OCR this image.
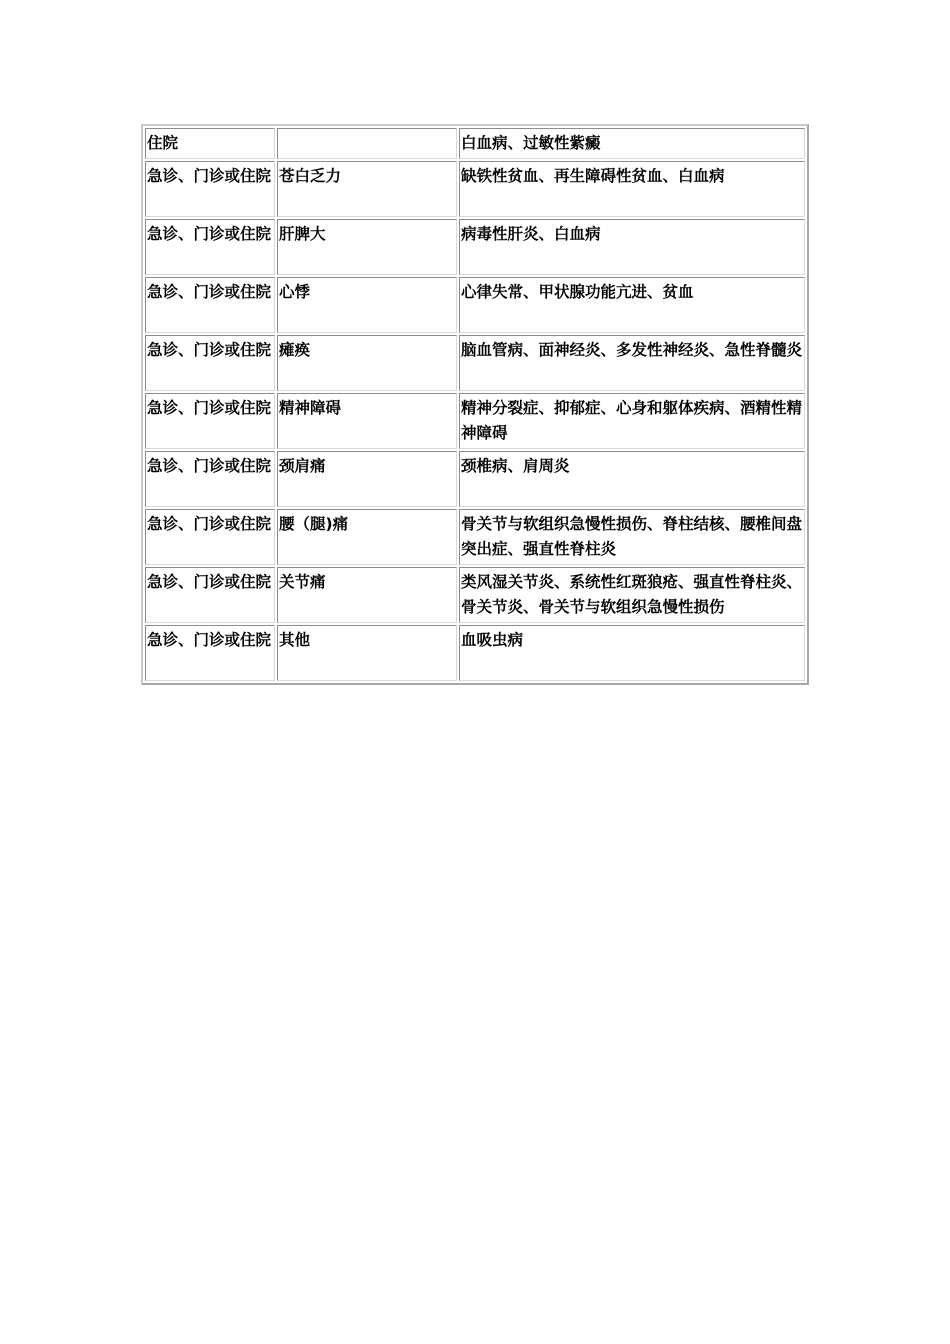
住院		白血病、过敏性紫癜
急诊、门诊或住院	苍白乏力	缺铁性贫血、再生障碍性贫血、白血病
急诊、门诊或住院	肝脾大	病毒性肝炎、白血病
急诊、门诊或住院	心悸	心律失常、甲状腺功能亢进、贫血
急诊、门诊或住院	瘫痪	脑血管病、面神经炎、多发性神经炎、急性脊髓炎
急诊、门诊或住院	精神障碍	精神分裂症、抑郁症、心身和躯体疾病、酒精性精神障碍
急诊、门诊或住院	颈肩痛	颈椎病、肩周炎
急诊、门诊或住院	腰（腿)痛	骨关节与软组织急慢性损伤、脊柱结核、腰椎间盘突出症、强直性脊柱炎
急诊、门诊或住院	关节痛	类风湿关节炎、系统性红斑狼疮、强直性脊柱炎、骨关节炎、骨关节与软组织急慢性损伤
急诊、门诊或住院	其他	血吸虫病
